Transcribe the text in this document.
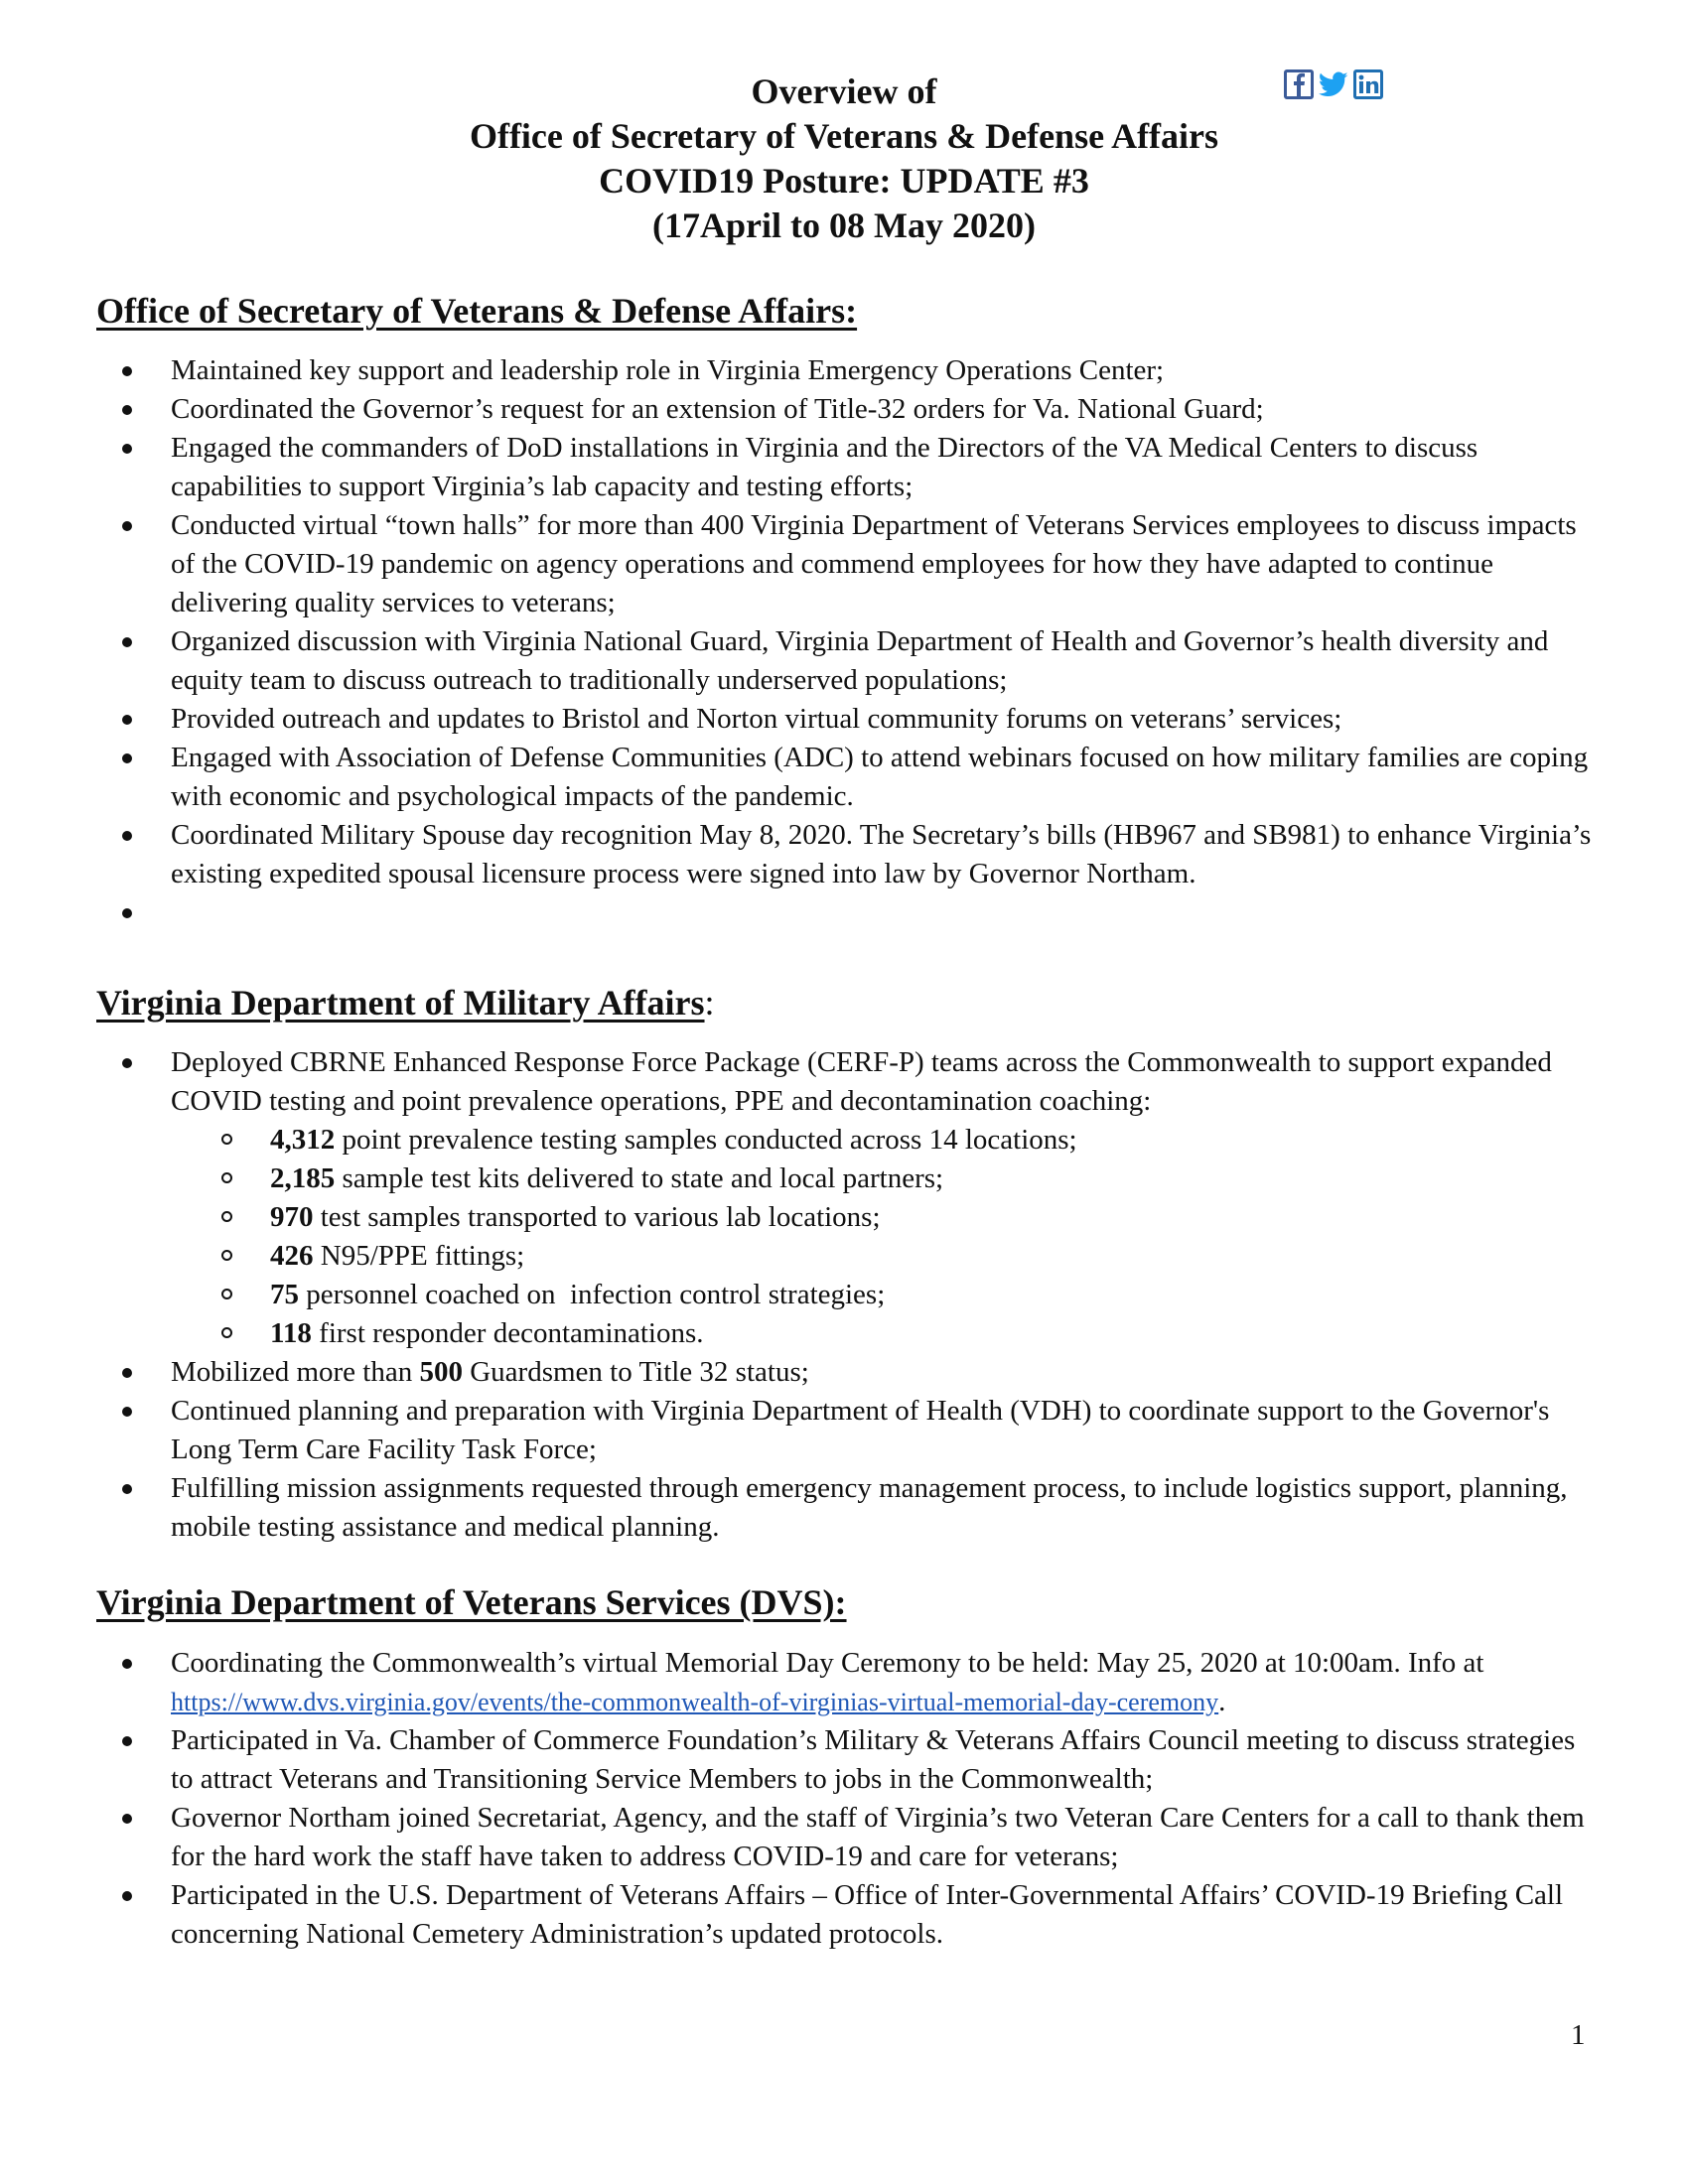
Overview of
Office of Secretary of Veterans & Defense Affairs
COVID19 Posture: UPDATE #3
(17April to 08 May 2020)
Office of Secretary of Veterans & Defense Affairs:
Maintained key support and leadership role in Virginia Emergency Operations Center;
Coordinated the Governor’s request for an extension of Title-32 orders for Va. National Guard;
Engaged the commanders of DoD installations in Virginia and the Directors of the VA Medical Centers to discuss capabilities to support Virginia’s lab capacity and testing efforts;
Conducted virtual “town halls” for more than 400 Virginia Department of Veterans Services employees to discuss impacts of the COVID-19 pandemic on agency operations and commend employees for how they have adapted to continue delivering quality services to veterans;
Organized discussion with Virginia National Guard, Virginia Department of Health and Governor’s health diversity and equity team to discuss outreach to traditionally underserved populations;
Provided outreach and updates to Bristol and Norton virtual community forums on veterans’ services;
Engaged with Association of Defense Communities (ADC) to attend webinars focused on how military families are coping with economic and psychological impacts of the pandemic.
Coordinated Military Spouse day recognition May 8, 2020. The Secretary’s bills (HB967 and SB981) to enhance Virginia’s existing expedited spousal licensure process were signed into law by Governor Northam.
Virginia Department of Military Affairs:
Deployed CBRNE Enhanced Response Force Package (CERF-P) teams across the Commonwealth to support expanded COVID testing and point prevalence operations, PPE and decontamination coaching:
4,312 point prevalence testing samples conducted across 14 locations;
2,185 sample test kits delivered to state and local partners;
970 test samples transported to various lab locations;
426 N95/PPE fittings;
75 personnel coached on  infection control strategies;
118 first responder decontaminations.
Mobilized more than 500 Guardsmen to Title 32 status;
Continued planning and preparation with Virginia Department of Health (VDH) to coordinate support to the Governor's Long Term Care Facility Task Force;
Fulfilling mission assignments requested through emergency management process, to include logistics support, planning, mobile testing assistance and medical planning.
Virginia Department of Veterans Services (DVS):
Coordinating the Commonwealth’s virtual Memorial Day Ceremony to be held: May 25, 2020 at 10:00am. Info at https://www.dvs.virginia.gov/events/the-commonwealth-of-virginias-virtual-memorial-day-ceremony.
Participated in Va. Chamber of Commerce Foundation’s Military & Veterans Affairs Council meeting to discuss strategies to attract Veterans and Transitioning Service Members to jobs in the Commonwealth;
Governor Northam joined Secretariat, Agency, and the staff of Virginia’s two Veteran Care Centers for a call to thank them for the hard work the staff have taken to address COVID-19 and care for veterans;
Participated in the U.S. Department of Veterans Affairs – Office of Inter-Governmental Affairs’ COVID-19 Briefing Call concerning National Cemetery Administration’s updated protocols.
1
